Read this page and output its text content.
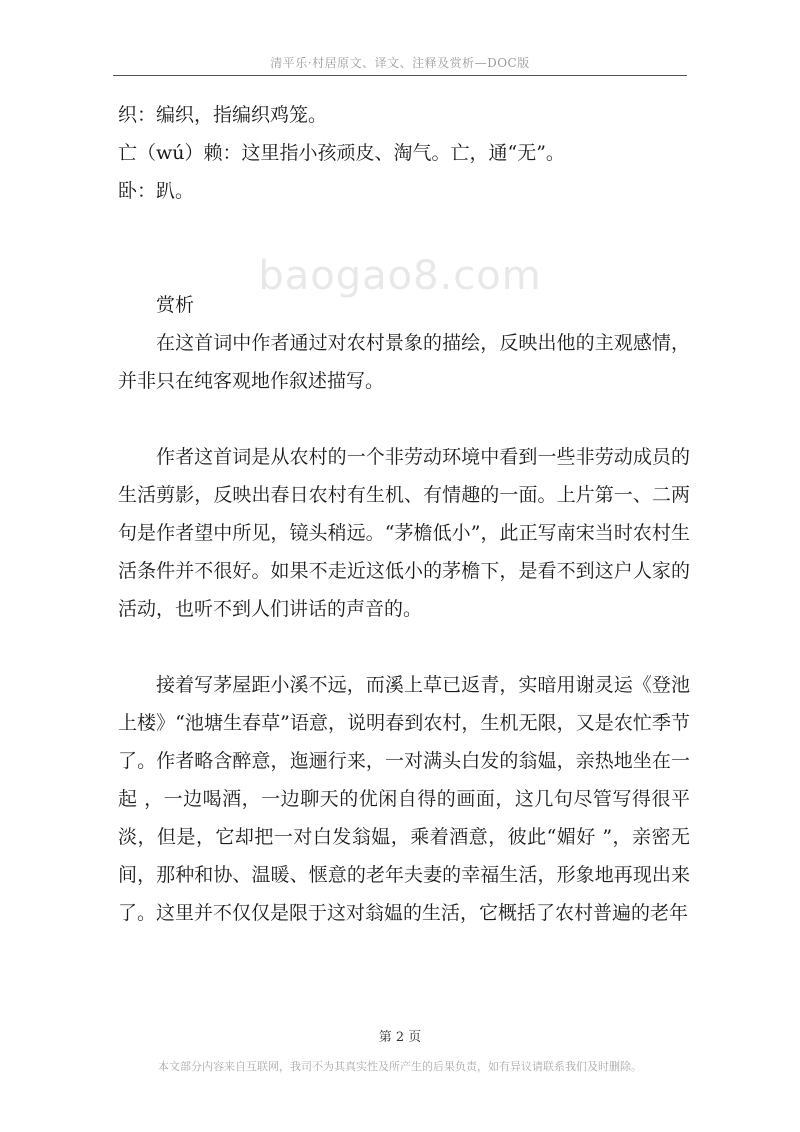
清平乐·村居原文、译文、注释及赏析—DOC版
baogao8.com
织：编织，指编织鸡笼。
亡（wú）赖：这里指小孩顽皮、淘气。亡，通“无”。
卧：趴。
赏析
在这首词中作者通过对农村景象的描绘，反映出他的主观感情，并非只在纯客观地作叙述描写。
作者这首词是从农村的一个非劳动环境中看到一些非劳动成员的生活剪影，反映出春日农村有生机、有情趣的一面。上片第一、二两句是作者望中所见，镜头稍远。“茅檐低小”，此正写南宋当时农村生活条件并不很好。如果不走近这低小的茅檐下，是看不到这户人家的活动，也听不到人们讲话的声音的。
接着写茅屋距小溪不远，而溪上草已返青，实暗用谢灵运《登池上楼》“池塘生春草”语意，说明春到农村，生机无限，又是农忙季节了。作者略含醉意，迤逦行来，一对满头白发的翁媪，亲热地坐在一起 ，一边喝酒，一边聊天的优闲自得的画面，这几句尽管写得很平淡，但是，它却把一对白发翁媪，乘着酒意，彼此“媚好 ”，亲密无间，那种和协、温暖、惬意的老年夫妻的幸福生活，形象地再现出来了。这里并不仅仅是限于这对翁媪的生活，它概括了农村普遍的老年
第 2 页
本文部分内容来自互联网，我司不为其真实性及所产生的后果负责，如有异议请联系我们及时删除。
